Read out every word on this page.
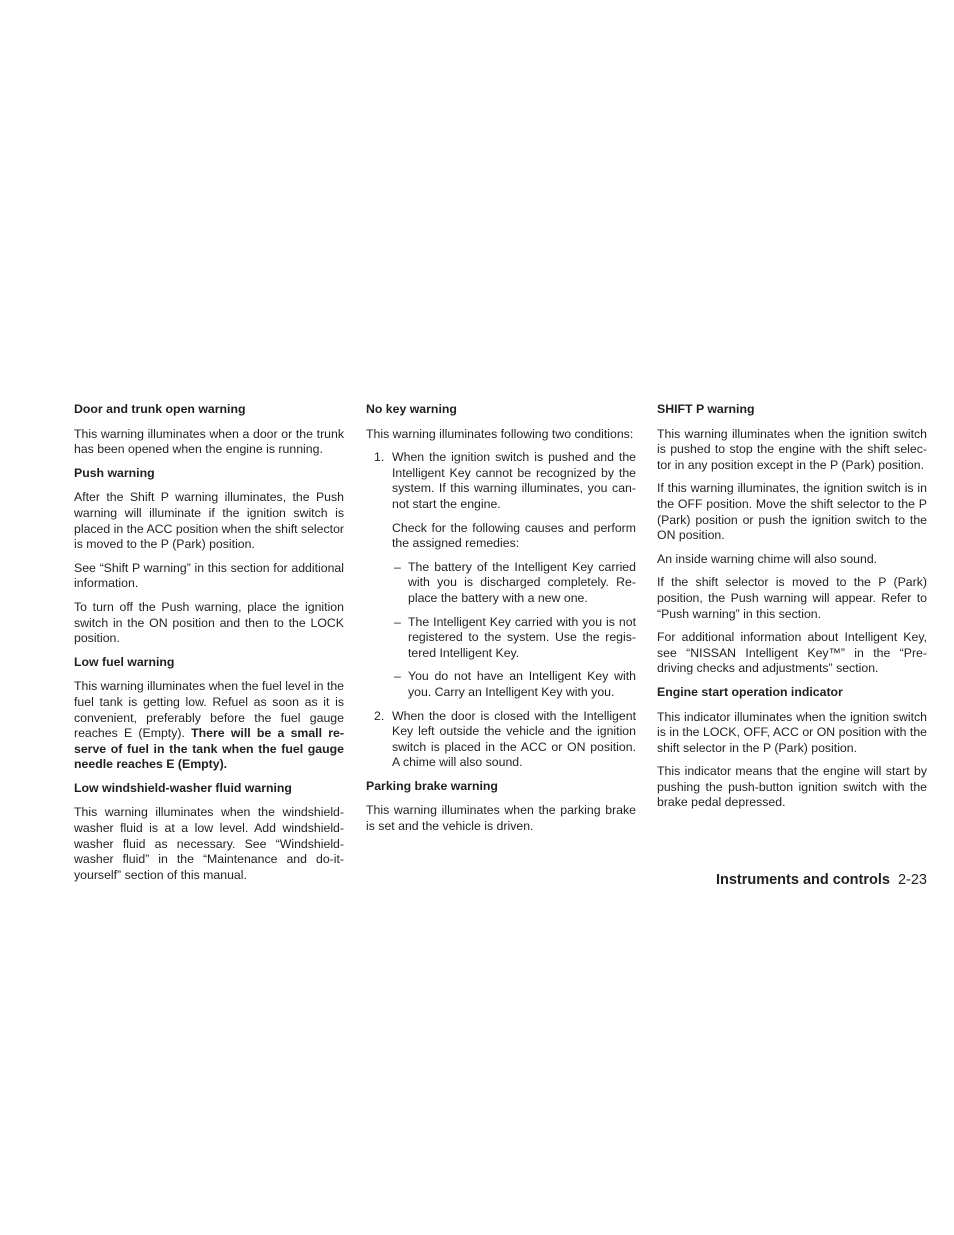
Door and trunk open warning

This warning illuminates when a door or the trunk has been opened when the engine is running.

Push warning

After the Shift P warning illuminates, the Push warning will illuminate if the ignition switch is placed in the ACC position when the shift selector is moved to the P (Park) position.

See “Shift P warning” in this section for additional information.

To turn off the Push warning, place the ignition switch in the ON position and then to the LOCK position.

Low fuel warning

This warning illuminates when the fuel level in the fuel tank is getting low. Refuel as soon as it is convenient, preferably before the fuel gauge reaches E (Empty). There will be a small reserve of fuel in the tank when the fuel gauge needle reaches E (Empty).

Low windshield-washer fluid warning

This warning illuminates when the windshield-washer fluid is at a low level. Add windshield-washer fluid as necessary. See “Windshield-washer fluid” in the “Maintenance and do-it-yourself” section of this manual.

No key warning

This warning illuminates following two conditions:

1. When the ignition switch is pushed and the Intelligent Key cannot be recognized by the system. If this warning illuminates, you cannot start the engine.

Check for the following causes and perform the assigned remedies:

– The battery of the Intelligent Key carried with you is discharged completely. Replace the battery with a new one.
– The Intelligent Key carried with you is not registered to the system. Use the registered Intelligent Key.
– You do not have an Intelligent Key with you. Carry an Intelligent Key with you.
2. When the door is closed with the Intelligent Key left outside the vehicle and the ignition switch is placed in the ACC or ON position. A chime will also sound.
Parking brake warning

This warning illuminates when the parking brake is set and the vehicle is driven.

SHIFT P warning

This warning illuminates when the ignition switch is pushed to stop the engine with the shift selector in any position except in the P (Park) position.

If this warning illuminates, the ignition switch is in the OFF position. Move the shift selector to the P (Park) position or push the ignition switch to the ON position.

An inside warning chime will also sound.

If the shift selector is moved to the P (Park) position, the Push warning will appear. Refer to “Push warning” in this section.

For additional information about Intelligent Key, see “NISSAN Intelligent Key™” in the “Pre-driving checks and adjustments” section.

Engine start operation indicator

This indicator illuminates when the ignition switch is in the LOCK, OFF, ACC or ON position with the shift selector in the P (Park) position.

This indicator means that the engine will start by pushing the push-button ignition switch with the brake pedal depressed.

Instruments and controls 2-23
